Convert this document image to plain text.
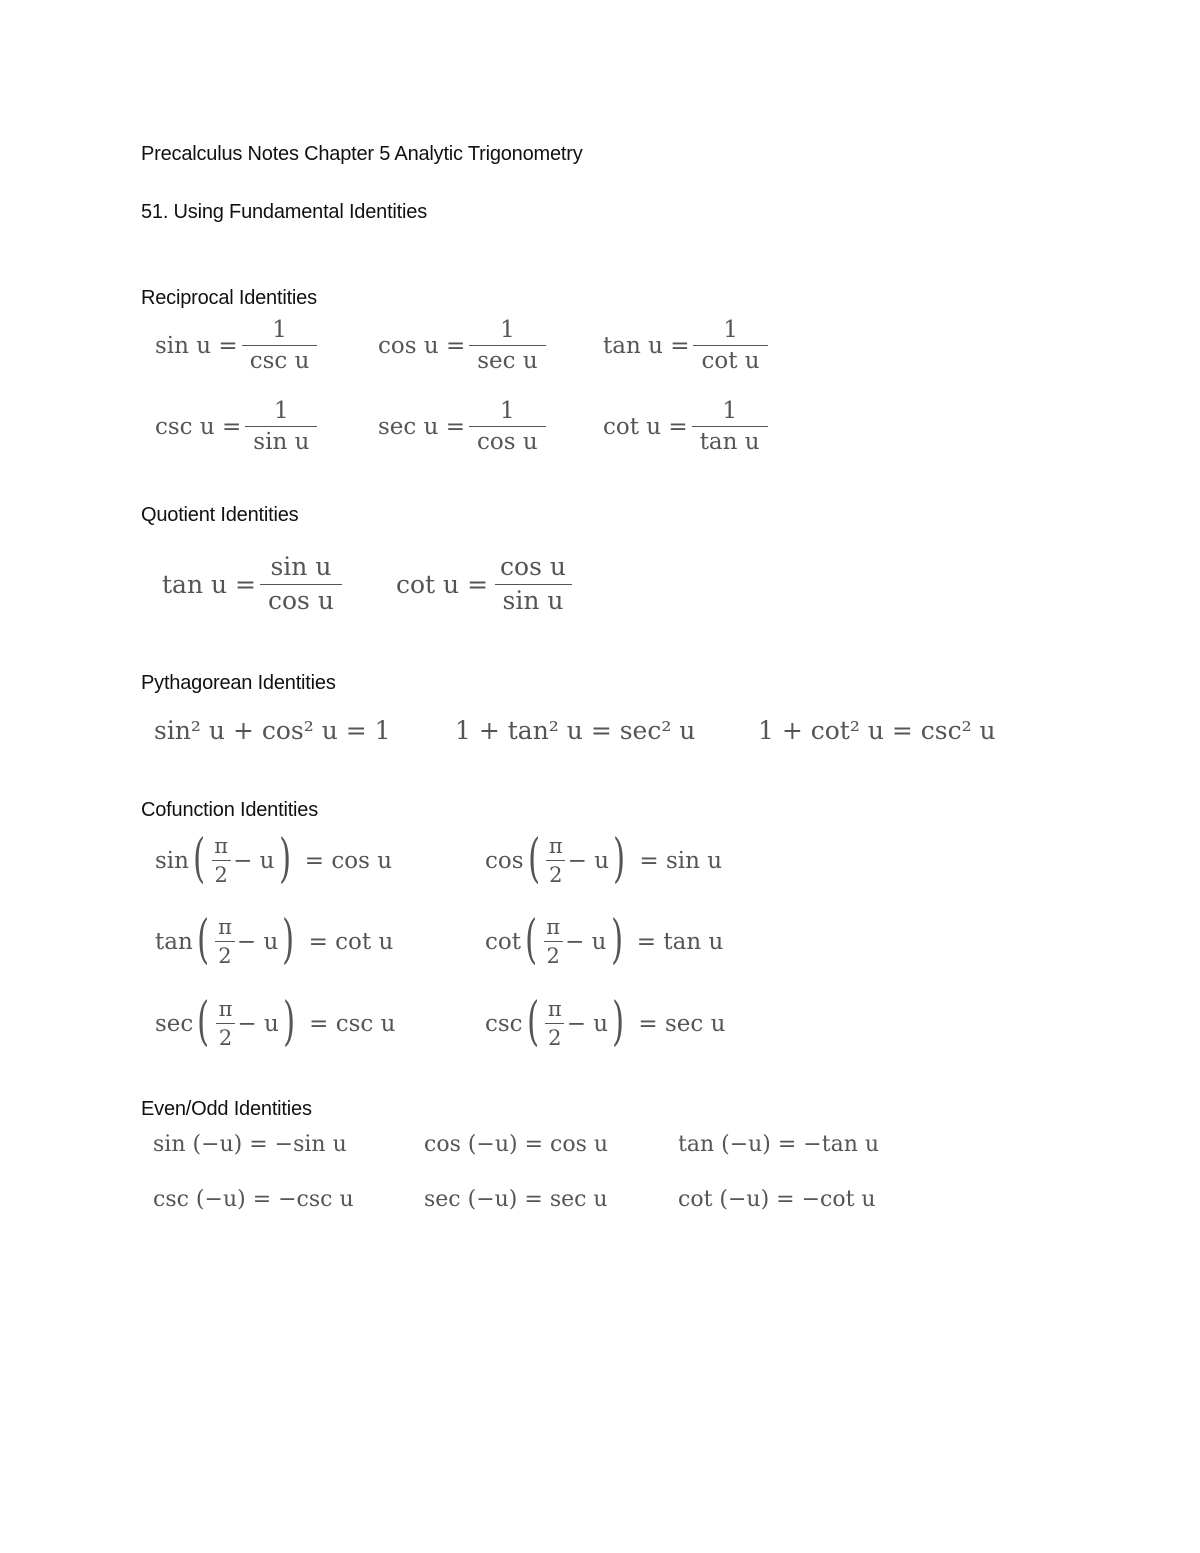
Precalculus Notes Chapter 5 Analytic Trigonometry
51. Using Fundamental Identities
Reciprocal Identities
$\sin u = \frac{1}{\text{csc u}}$	$\cos u = \frac{1}{\text{sec u}}$ $\tan u = \frac{1}{\text{cot u}}$
$\csc u = \frac{1}{\text{sin u}}$	$\sec u = \frac{1}{\text{cos u}}$ $\cot u = \frac{1}{\text{tan u}}$
Quotient Identities
$\tan u = \frac{\text{sin u}}{\text{cos u}}$ $\cot u = \frac{\text{cos u}}{\text{sin u}}$
Pythagorean Identities
sin² u + cos² u = 1	1 + tan² u = sec² u	1 + cot² u = csc² u
Cofunction Identities
sin ( $\frac{\pi}{2} - u$ ) = cos u	cos ( $\frac{\pi}{2} - u$ ) = sin u
tan ( $\frac{\pi}{2} - u$ ) = cot u	cot ( $\frac{\pi}{2} - u$ ) = tan u
sec ( $\frac{\pi}{2} - u$ ) = csc u	csc ( $\frac{\pi}{2} - u$ ) = sec u
Even/Odd Identities
sin (−u) = −sin u	cos (−u) = cos u	tan (−u) = −tan u
csc (−u) = −csc u	sec (−u) = sec u	cot (−u) = −cot u
